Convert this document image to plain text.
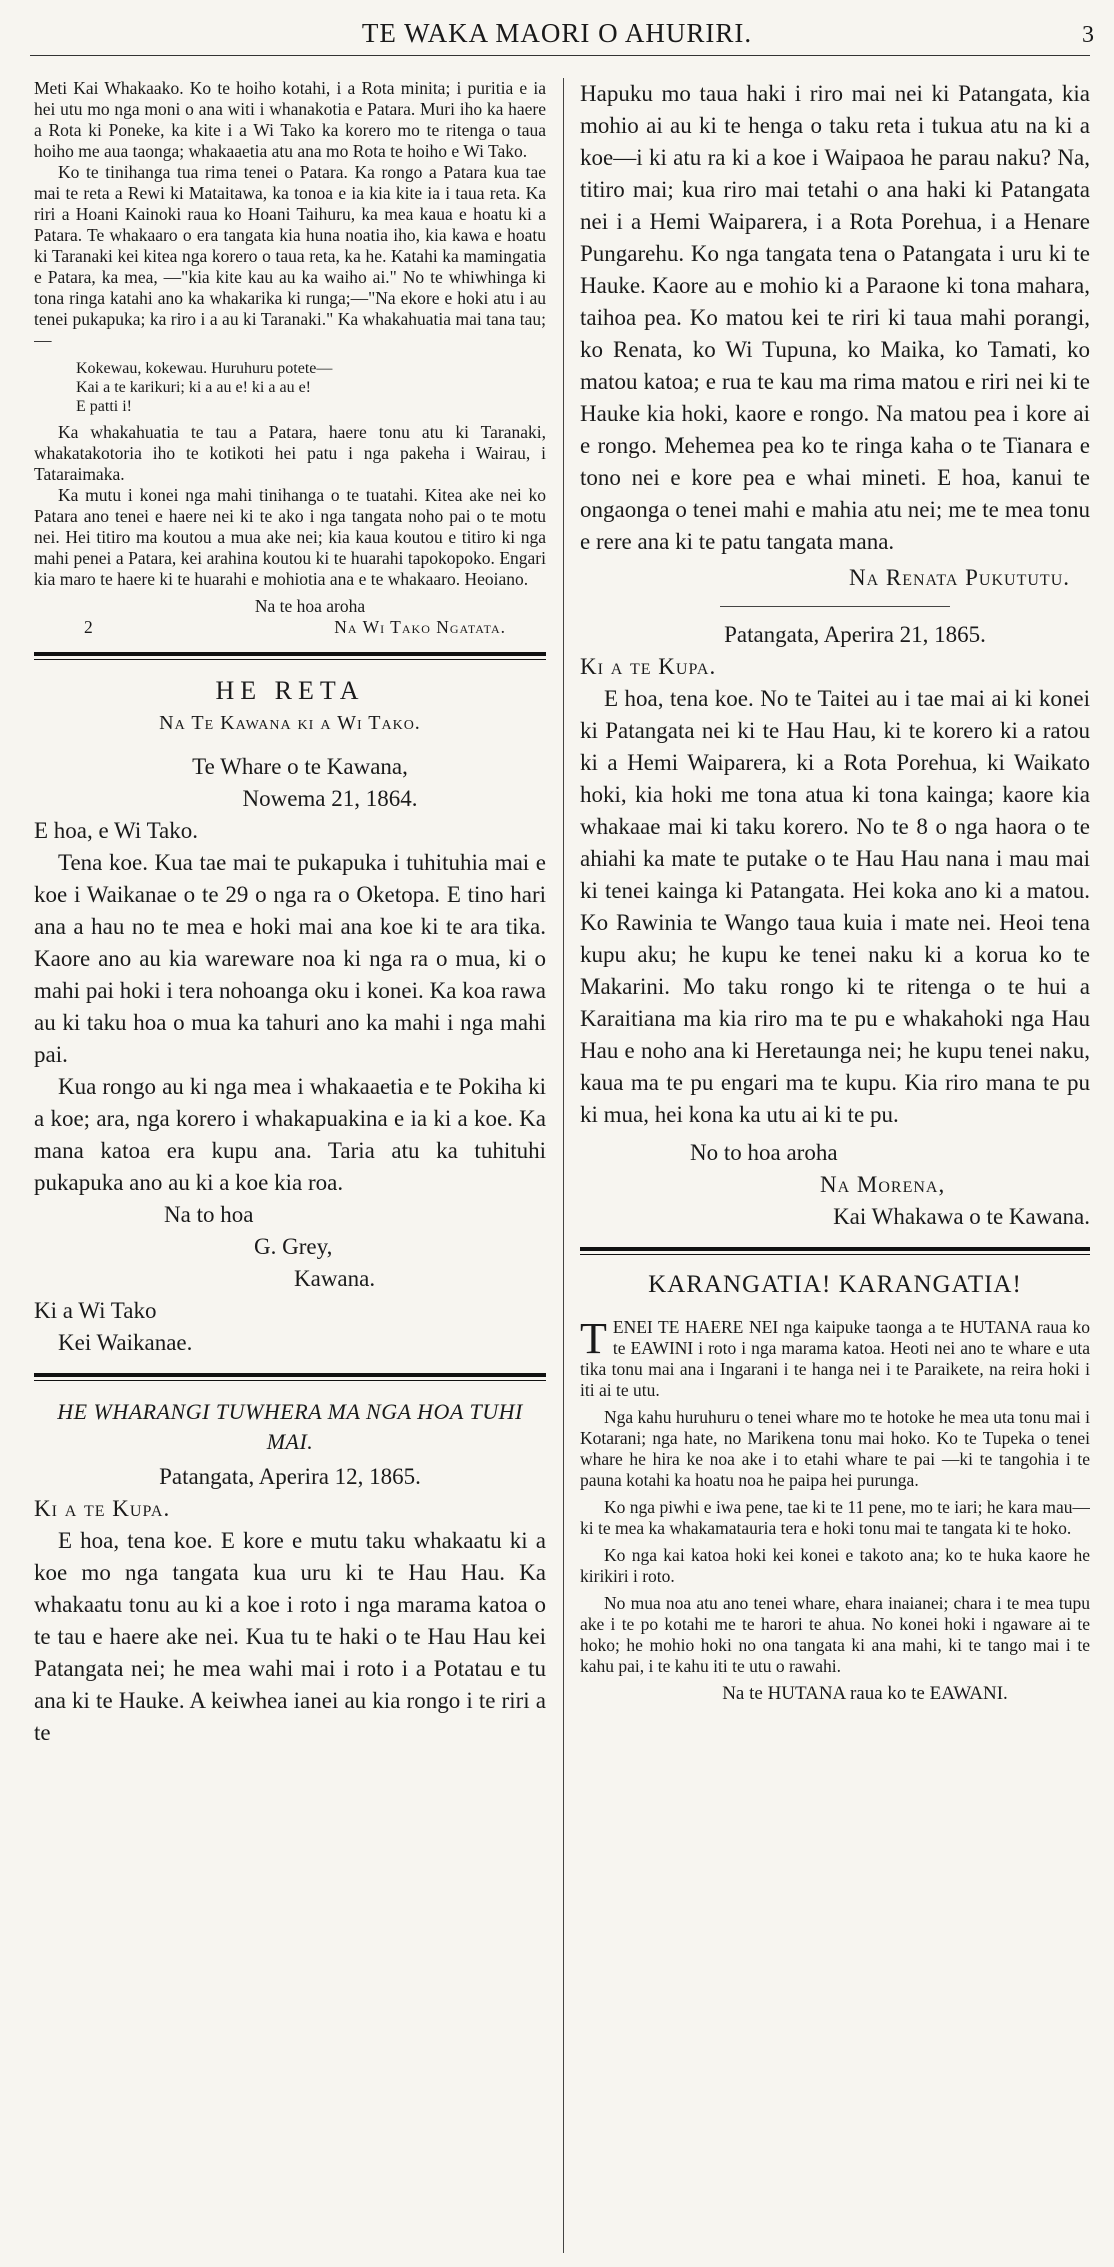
TE WAKA MAORI O AHURIRI.	3

Meti Kai Whakaako. Ko te hoiho kotahi, i a Rota minita; i puritia e ia hei utu mo nga moni o ana witi i whanakotia e Patara. Muri iho ka haere a Rota ki Poneke, ka kite i a Wi Tako ka korero mo te ritenga o taua hoiho me aua taonga; whakaaetia atu ana mo Rota te hoiho e Wi Tako.

Ko te tinihanga tua rima tenei o Patara. Ka rongo a Patara kua tae mai te reta a Rewi ki Mataitawa, ka tonoa e ia kia kite ia i taua reta. Ka riri a Hoani Kainoki raua ko Hoani Taihuru, ka mea kaua e hoatu ki a Patara. Te whakaaro o era tangata kia huna noatia iho, kia kawa e hoatu ki Taranaki kei kitea nga korero o taua reta, ka he. Katahi ka mamingatia e Patara, ka mea, —"kia kite kau au ka waiho ai." No te whiwhinga ki tona ringa katahi ano ka whakarika ki runga;—"Na ekore e hoki atu i au tenei pukapuka; ka riro i a au ki Taranaki." Ka whakahuatia mai tana tau;—

Kokewau, kokewau. Huruhuru potete—
Kai a te karikuri; ki a au e! ki a au e!
E patti i!

Ka whakahuatia te tau a Patara, haere tonu atu ki Taranaki, whakatakotoria iho te kotikoti hei patu i nga pakeha i Wairau, i Tataraimaka.

Ka mutu i konei nga mahi tinihanga o te tuatahi. Kitea ake nei ko Patara ano tenei e haere nei ki te ako i nga tangata noho pai o te motu nei. Hei titiro ma koutou a mua ake nei; kia kaua koutou e titiro ki nga mahi penei a Patara, kei arahina koutou ki te huarahi tapokopoko. Engari kia maro te haere ki te huarahi e mohiotia ana e te whakaaro. Heoiano.

Na te hoa aroha

2	Na Wi Tako Ngatata.

HE RETA
Na Te Kawana ki a Wi Tako.

Te Whare o te Kawana,

Nowema 21, 1864.

E hoa, e Wi Tako.

Tena koe. Kua tae mai te pukapuka i tuhituhia mai e koe i Waikanae o te 29 o nga ra o Oketopa. E tino hari ana a hau no te mea e hoki mai ana koe ki te ara tika. Kaore ano au kia wareware noa ki nga ra o mua, ki o mahi pai hoki i tera nohoanga oku i konei. Ka koa rawa au ki taku hoa o mua ka tahuri ano ka mahi i nga mahi pai.

Kua rongo au ki nga mea i whakaaetia e te Pokiha ki a koe; ara, nga korero i whakapuakina e ia ki a koe. Ka mana katoa era kupu ana. Taria atu ka tuhituhi pukapuka ano au ki a koe kia roa.

Na to hoa

G. Grey,

Kawana.

Ki a Wi Tako

Kei Waikanae.

HE WHARANGI TUWHERA MA NGA HOA TUHI MAI.

Patangata, Aperira 12, 1865.

Ki a te Kupa.

E hoa, tena koe. E kore e mutu taku whakaatu ki a koe mo nga tangata kua uru ki te Hau Hau. Ka whakaatu tonu au ki a koe i roto i nga marama katoa o te tau e haere ake nei. Kua tu te haki o te Hau Hau kei Patangata nei; he mea wahi mai i roto i a Potatau e tu ana ki te Hauke. A keiwhea ianei au kia rongo i te riri a te

Hapuku mo taua haki i riro mai nei ki Patangata, kia mohio ai au ki te henga o taku reta i tukua atu na ki a koe—i ki atu ra ki a koe i Waipaoa he parau naku? Na, titiro mai; kua riro mai tetahi o ana haki ki Patangata nei i a Hemi Waiparera, i a Rota Porehua, i a Henare Pungarehu. Ko nga tangata tena o Patangata i uru ki te Hauke. Kaore au e mohio ki a Paraone ki tona mahara, taihoa pea. Ko matou kei te riri ki taua mahi porangi, ko Renata, ko Wi Tupuna, ko Maika, ko Tamati, ko matou katoa; e rua te kau ma rima matou e riri nei ki te Hauke kia hoki, kaore e rongo. Na matou pea i kore ai e rongo. Mehemea pea ko te ringa kaha o te Tianara e tono nei e kore pea e whai mineti. E hoa, kanui te ongaonga o tenei mahi e mahia atu nei; me te mea tonu e rere ana ki te patu tangata mana.

Na Renata Pukututu.

Patangata, Aperira 21, 1865.

Ki a te Kupa.

E hoa, tena koe. No te Taitei au i tae mai ai ki konei ki Patangata nei ki te Hau Hau, ki te korero ki a ratou ki a Hemi Waiparera, ki a Rota Porehua, ki Waikato hoki, kia hoki me tona atua ki tona kainga; kaore kia whakaae mai ki taku korero. No te 8 o nga haora o te ahiahi ka mate te putake o te Hau Hau nana i mau mai ki tenei kainga ki Patangata. Hei koka ano ki a matou. Ko Rawinia te Wango taua kuia i mate nei. Heoi tena kupu aku; he kupu ke tenei naku ki a korua ko te Makarini. Mo taku rongo ki te ritenga o te hui a Karaitiana ma kia riro ma te pu e whakahoki nga Hau Hau e noho ana ki Heretaunga nei; he kupu tenei naku, kaua ma te pu engari ma te kupu. Kia riro mana te pu ki mua, hei kona ka utu ai ki te pu.

No to hoa aroha

Na Morena,

Kai Whakawa o te Kawana.

KARANGATIA! KARANGATIA!

TENEI TE HAERE NEI nga kaipuke taonga a te HUTANA raua ko te EAWINI i roto i nga marama katoa. Heoti nei ano te whare e uta tika tonu mai ana i Ingarani i te hanga nei i te Paraikete, na reira hoki i iti ai te utu.

Nga kahu huruhuru o tenei whare mo te hotoke he mea uta tonu mai i Kotarani; nga hate, no Marikena tonu mai hoko. Ko te Tupeka o tenei whare he hira ke noa ake i to etahi whare te pai —ki te tangohia i te pauna kotahi ka hoatu noa he paipa hei purunga.

Ko nga piwhi e iwa pene, tae ki te 11 pene, mo te iari; he kara mau—ki te mea ka whakamatauria tera e hoki tonu mai te tangata ki te hoko.

Ko nga kai katoa hoki kei konei e takoto ana; ko te huka kaore he kirikiri i roto.

No mua noa atu ano tenei whare, ehara inaianei; chara i te mea tupu ake i te po kotahi me te harori te ahua. No konei hoki i ngaware ai te hoko; he mohio hoki no ona tangata ki ana mahi, ki te tango mai i te kahu pai, i te kahu iti te utu o rawahi.

Na te HUTANA raua ko te EAWANI.
